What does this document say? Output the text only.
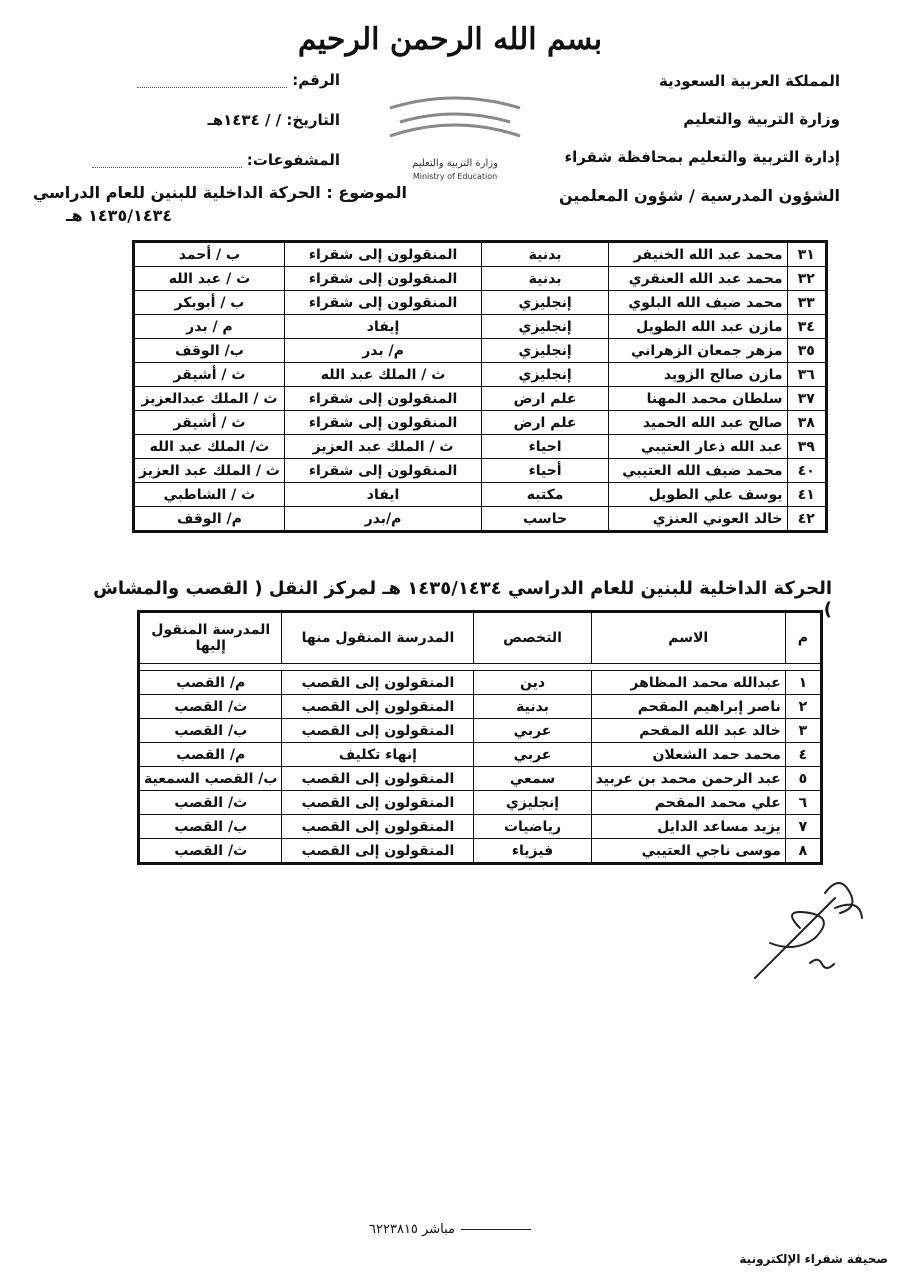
بسم الله الرحمن الرحيم
وزارة التربية والتعليم
Ministry of Education
المملكة العربية السعودية
وزارة التربية والتعليم
إدارة التربية والتعليم بمحافظة شقراء
الرقم:
التاريخ: / / ١٤٣٤هـ
المشفوعات:
الشؤون المدرسية / شؤون المعلمين
الموضوع : الحركة الداخلية للبنين للعام الدراسي
١٤٣٥/١٤٣٤ هـ
٣١	محمد عبد الله الخنيفر	بدنية	المنقولون إلى شقراء	ب / أحمد
٣٢	محمد عبد الله العنقري	بدنية	المنقولون إلى شقراء	ث / عبد الله
٣٣	محمد ضيف الله البلوي	إنجليزي	المنقولون إلى شقراء	ب / أبوبكر
٣٤	مازن عبد الله الطويل	إنجليزي	إيفاد	م / بدر
٣٥	مزهر جمعان الزهراني	إنجليزي	م/ بدر	ب/ الوقف
٣٦	مازن صالح الزويد	إنجليزي	ث / الملك عبد الله	ث / أشيقر
٣٧	سلطان محمد المهنا	علم ارض	المنقولون إلى شقراء	ث / الملك عبدالعزيز
٣٨	صالح عبد الله الحميد	علم ارض	المنقولون إلى شقراء	ث / أشيقر
٣٩	عبد الله ذعار العتيبي	احياء	ث / الملك عبد العزيز	ث/ الملك عبد الله
٤٠	محمد ضيف الله العتيبي	أحياء	المنقولون إلى شقراء	ث / الملك عبد العزيز
٤١	يوسف علي الطويل	مكتبه	ايفاد	ث / الشاطبي
٤٢	خالد العوني العنزي	حاسب	م/بدر	م/ الوقف
الحركة الداخلية للبنين للعام الدراسي ١٤٣٥/١٤٣٤ هـ لمركز النقل ( القصب والمشاش )
م	الاسم	التخصص	المدرسة المنقول منها	المدرسة المنقول إليها

١	عبدالله محمد المظاهر	دين	المنقولون إلى القصب	م/ القصب
٢	ناصر إبراهيم المقحم	بدنية	المنقولون إلى القصب	ث/ القصب
٣	خالد عبد الله المقحم	عربي	المنقولون إلى القصب	ب/ القصب
٤	محمد حمد الشعلان	عربي	إنهاء تكليف	م/ القصب
٥	عبد الرحمن محمد بن عربيد	سمعي	المنقولون إلى القصب	ب/ القصب السمعية
٦	علي محمد المقحم	إنجليزي	المنقولون إلى القصب	ث/ القصب
٧	يزيد مساعد الدايل	رياضيات	المنقولون إلى القصب	ب/ القصب
٨	موسى ناجي العتيبي	فيزياء	المنقولون إلى القصب	ث/ القصب
مباشر ٦٢٢٣٨١٥
صحيفة شقراء الإلكترونية
